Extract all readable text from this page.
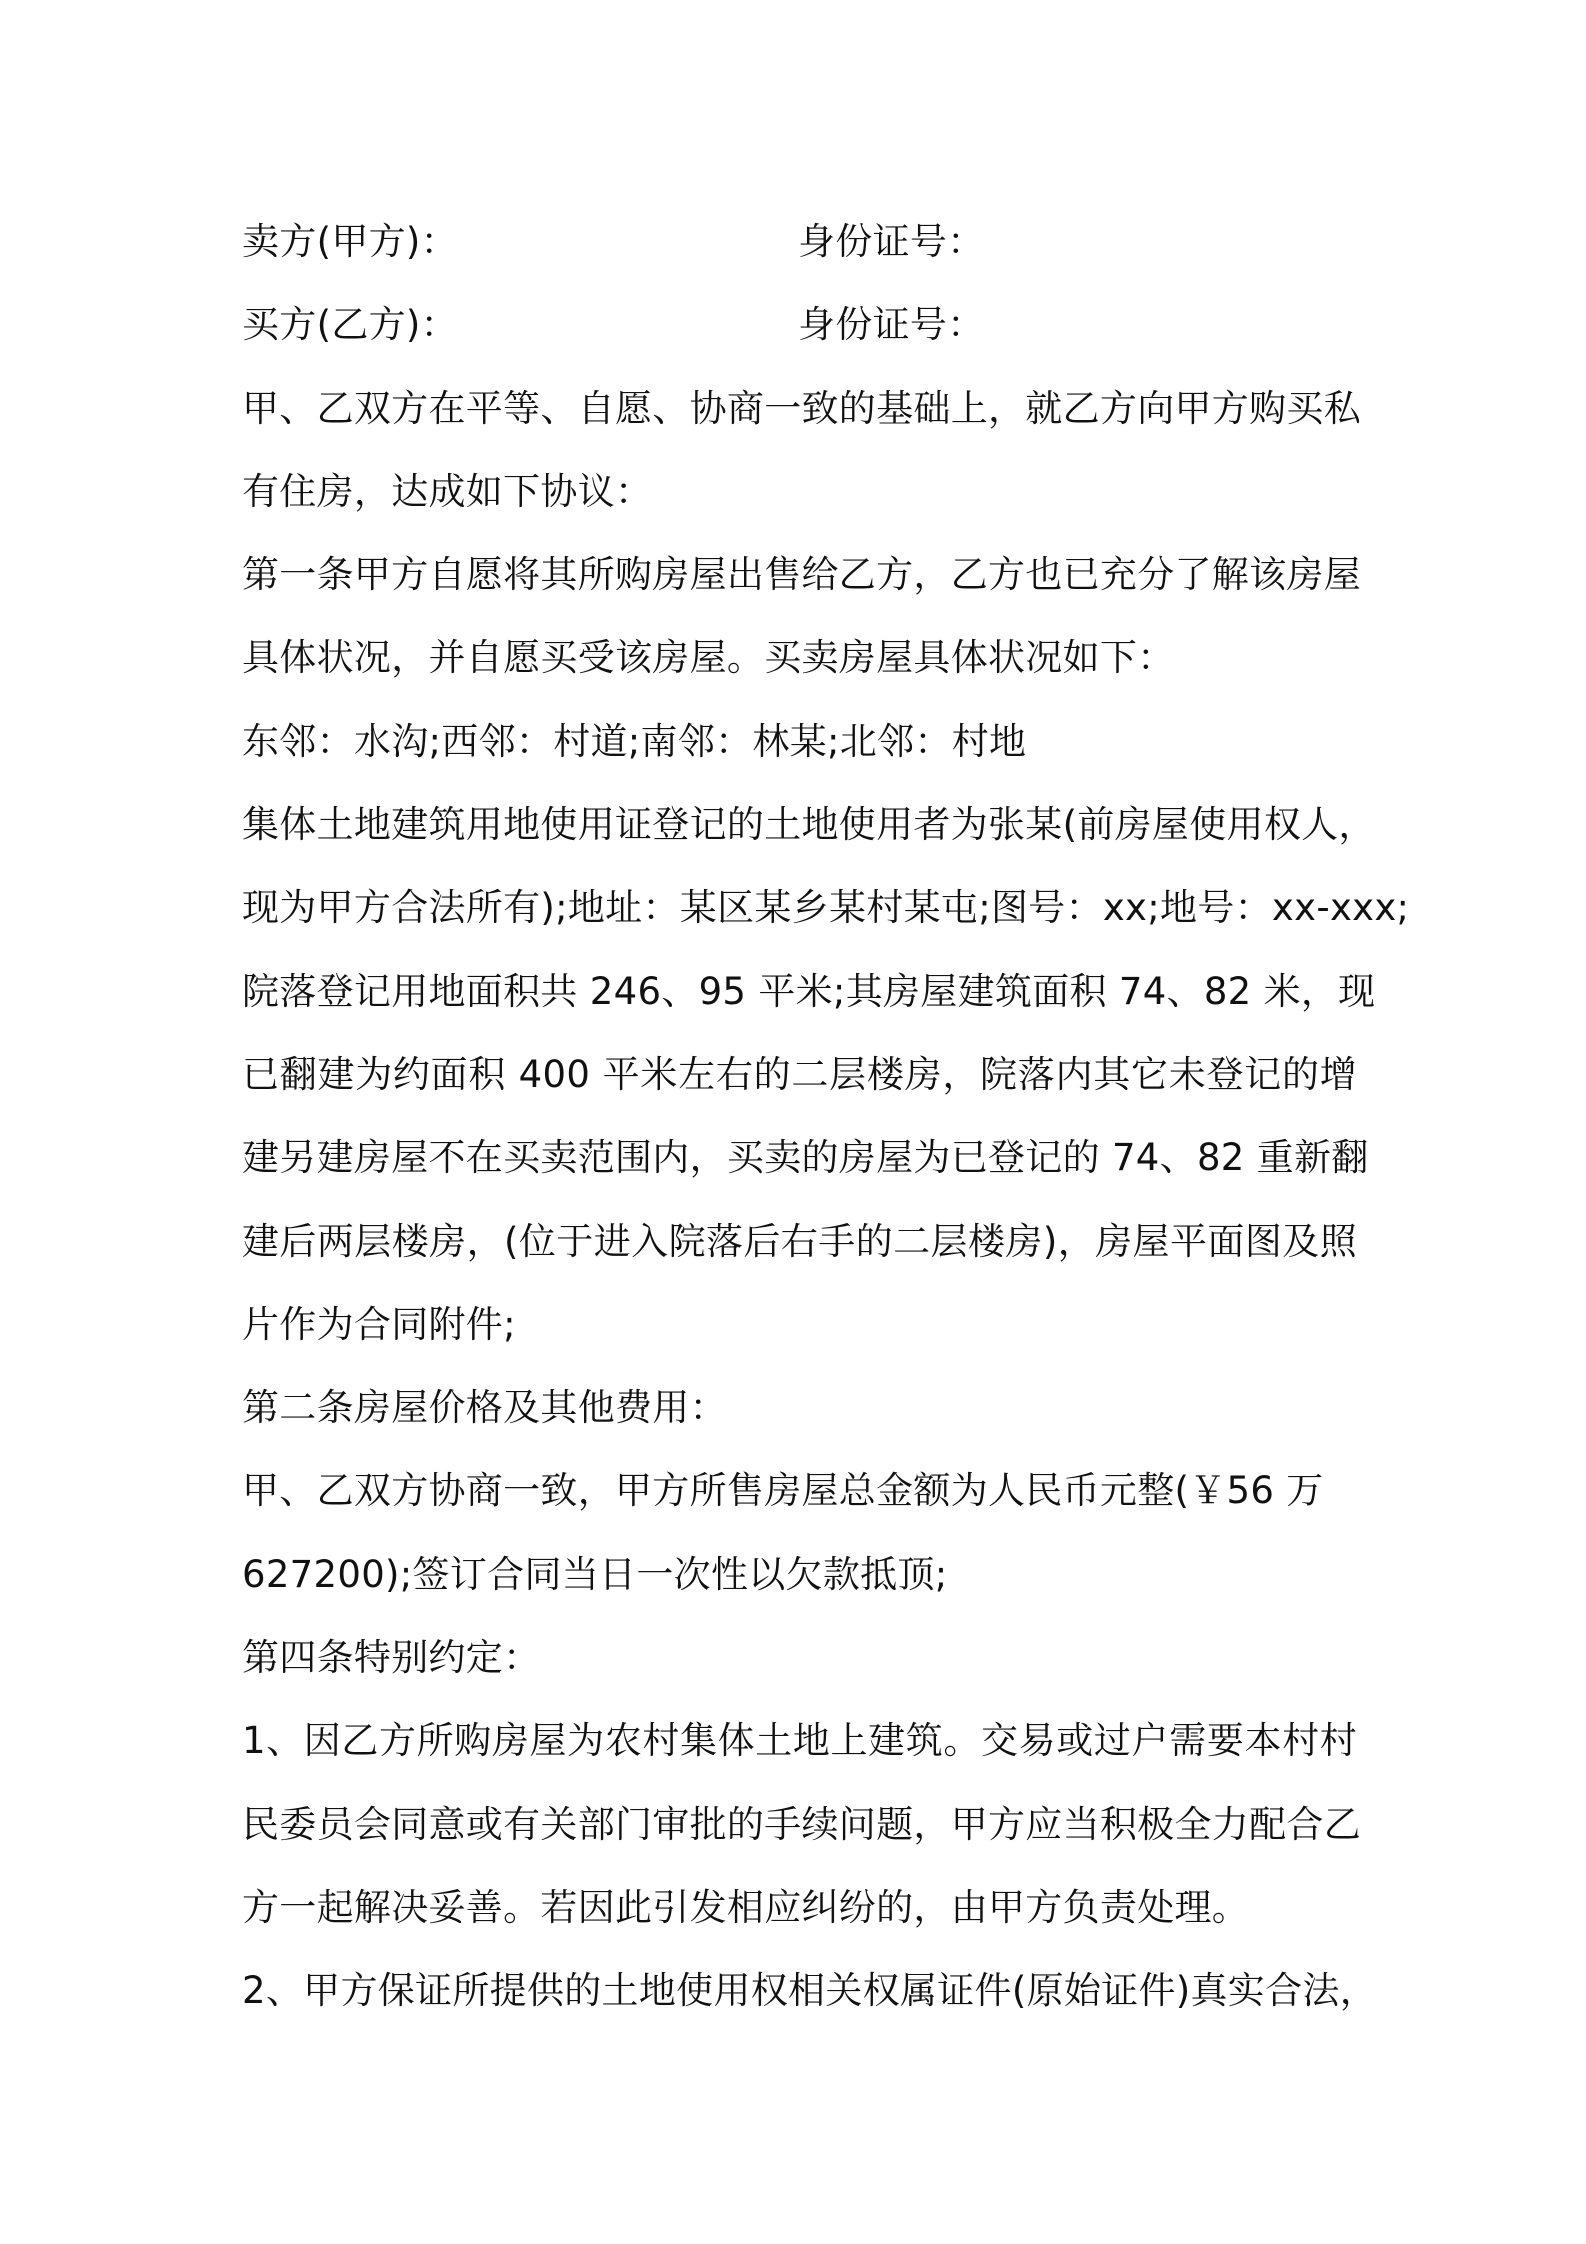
卖方(甲方)：	身份证号：
买方(乙方)：	身份证号：
甲、乙双方在平等、自愿、协商一致的基础上，就乙方向甲方购买私
有住房，达成如下协议：
第一条甲方自愿将其所购房屋出售给乙方，乙方也已充分了解该房屋
具体状况，并自愿买受该房屋。买卖房屋具体状况如下：
东邻：水沟;西邻：村道;南邻：林某;北邻：村地
集体土地建筑用地使用证登记的土地使用者为张某(前房屋使用权人，
现为甲方合法所有);地址：某区某乡某村某屯;图号：xx;地号：xx-xxx;
院落登记用地面积共 246、95 平米;其房屋建筑面积 74、82 米，现
已翻建为约面积 400 平米左右的二层楼房，院落内其它未登记的增
建另建房屋不在买卖范围内，买卖的房屋为已登记的 74、82 重新翻
建后两层楼房，(位于进入院落后右手的二层楼房)，房屋平面图及照
片作为合同附件;
第二条房屋价格及其他费用：
甲、乙双方协商一致，甲方所售房屋总金额为人民币元整(￥56 万
627200);签订合同当日一次性以欠款抵顶;
第四条特别约定：
1、因乙方所购房屋为农村集体土地上建筑。交易或过户需要本村村
民委员会同意或有关部门审批的手续问题，甲方应当积极全力配合乙
方一起解决妥善。若因此引发相应纠纷的，由甲方负责处理。
2、甲方保证所提供的土地使用权相关权属证件(原始证件)真实合法，
